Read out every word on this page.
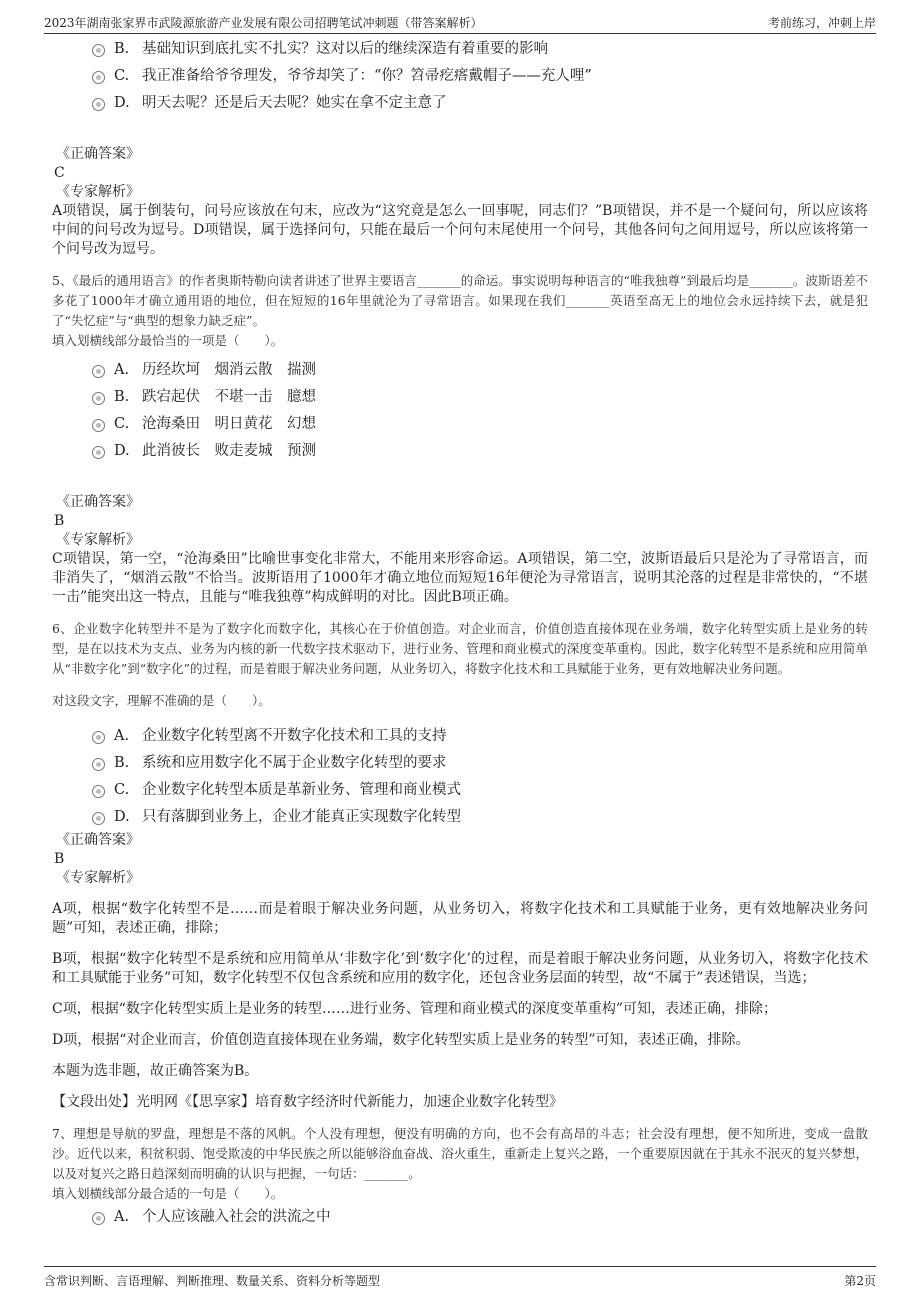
2023年湖南张家界市武陵源旅游产业发展有限公司招聘笔试冲刺题（带答案解析）	考前练习，冲刺上岸
B. 基础知识到底扎实不扎实？这对以后的继续深造有着重要的影响
C. 我正准备给爷爷理发，爷爷却笑了：“你？笤帚疙瘩戴帽子——充人哩”
D. 明天去呢？还是后天去呢？她实在拿不定主意了
《正确答案》
C
《专家解析》
A项错误，属于倒装句，问号应该放在句末，应改为“这究竟是怎么一回事呢，同志们？”B项错误，并不是一个疑问句，所以应该将中间的问号改为逗号。D项错误，属于选择问句，只能在最后一个问句末尾使用一个问号，其他各问句之间用逗号，所以应该将第一个问号改为逗号。
5、《最后的通用语言》的作者奥斯特勒向读者讲述了世界主要语言_______的命运。事实说明每种语言的“唯我独尊”到最后均是_______。波斯语差不多花了1000年才确立通用语的地位，但在短短的16年里就沦为了寻常语言。如果现在我们_______英语至高无上的地位会永远持续下去，就是犯了“失忆症”与“典型的想象力缺乏症”。
填入划横线部分最恰当的一项是（　　）。
A. 历经坎坷　烟消云散　揣测
B. 跌宕起伏　不堪一击　臆想
C. 沧海桑田　明日黄花　幻想
D. 此消彼长　败走麦城　预测
《正确答案》
B
《专家解析》
C项错误，第一空，“沧海桑田”比喻世事变化非常大，不能用来形容命运。A项错误，第二空，波斯语最后只是沦为了寻常语言，而非消失了，“烟消云散”不恰当。波斯语用了1000年才确立地位而短短16年便沦为寻常语言，说明其沦落的过程是非常快的，“不堪一击”能突出这一特点，且能与“唯我独尊”构成鲜明的对比。因此B项正确。
6、企业数字化转型并不是为了数字化而数字化，其核心在于价值创造。对企业而言，价值创造直接体现在业务端，数字化转型实质上是业务的转型，是在以技术为支点、业务为内核的新一代数字技术驱动下，进行业务、管理和商业模式的深度变革重构。因此，数字化转型不是系统和应用简单从“非数字化”到“数字化”的过程，而是着眼于解决业务问题，从业务切入，将数字化技术和工具赋能于业务，更有效地解决业务问题。
对这段文字，理解不准确的是（　　）。
A. 企业数字化转型离不开数字化技术和工具的支持
B. 系统和应用数字化不属于企业数字化转型的要求
C. 企业数字化转型本质是革新业务、管理和商业模式
D. 只有落脚到业务上，企业才能真正实现数字化转型
《正确答案》
B
《专家解析》
A项，根据“数字化转型不是……而是着眼于解决业务问题，从业务切入，将数字化技术和工具赋能于业务，更有效地解决业务问题”可知，表述正确，排除；
B项，根据“数字化转型不是系统和应用简单从‘非数字化’到‘数字化’的过程，而是着眼于解决业务问题，从业务切入，将数字化技术和工具赋能于业务”可知，数字化转型不仅包含系统和应用的数字化，还包含业务层面的转型，故“不属于”表述错误，当选；
C项，根据“数字化转型实质上是业务的转型……进行业务、管理和商业模式的深度变革重构”可知，表述正确，排除；
D项，根据“对企业而言，价值创造直接体现在业务端，数字化转型实质上是业务的转型”可知，表述正确，排除。
本题为选非题，故正确答案为B。
【文段出处】光明网《【思享家】培育数字经济时代新能力，加速企业数字化转型》
7、理想是导航的罗盘，理想是不落的风帆。个人没有理想，便没有明确的方向，也不会有高昂的斗志；社会没有理想，便不知所进，变成一盘散沙。近代以来，积贫积弱、饱受欺凌的中华民族之所以能够浴血奋战、浴火重生，重新走上复兴之路，一个重要原因就在于其永不泯灭的复兴梦想，以及对复兴之路日趋深刻而明确的认识与把握，一句话：_______。
填入划横线部分最合适的一句是（　　）。
A. 个人应该融入社会的洪流之中
含常识判断、言语理解、判断推理、数量关系、资料分析等题型	第2页
